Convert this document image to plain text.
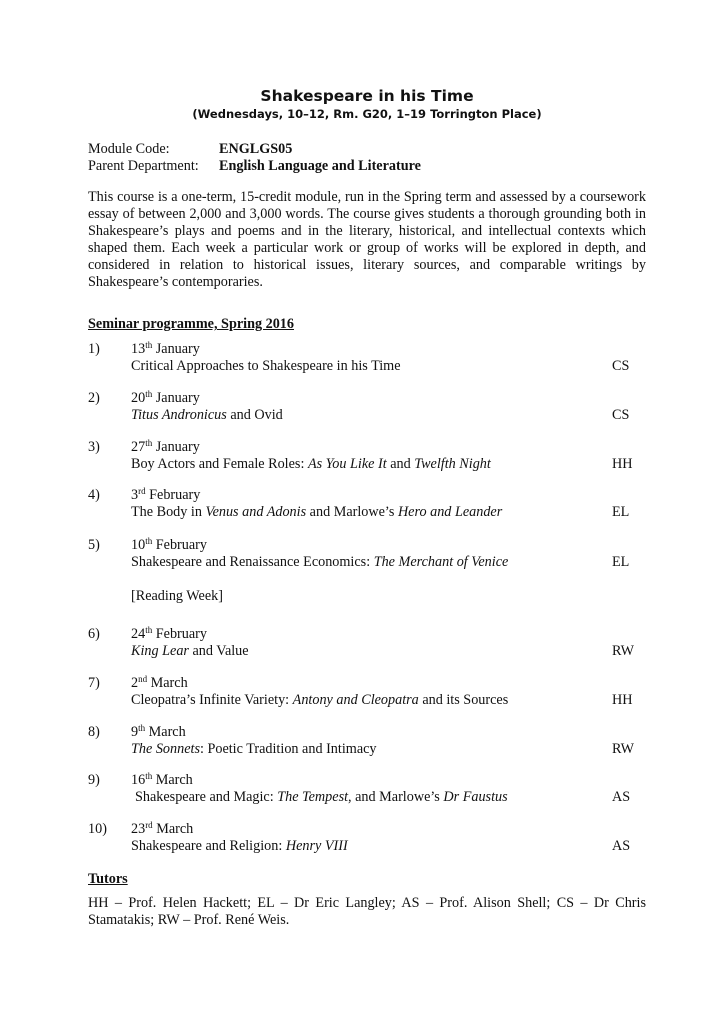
Shakespeare in his Time
(Wednesdays, 10–12, Rm. G20, 1–19 Torrington Place)
Module Code:	ENGLGS05
Parent Department: English Language and Literature
This course is a one-term, 15-credit module, run in the Spring term and assessed by a coursework essay of between 2,000 and 3,000 words. The course gives students a thorough grounding both in Shakespeare’s plays and poems and in the literary, historical, and intellectual contexts which shaped them. Each week a particular work or group of works will be explored in depth, and considered in relation to historical issues, literary sources, and comparable writings by Shakespeare’s contemporaries.
Seminar programme, Spring 2016
1) 13th January
Critical Approaches to Shakespeare in his Time	CS
2) 20th January
Titus Andronicus and Ovid	CS
3) 27th January
Boy Actors and Female Roles: As You Like It and Twelfth Night	HH
4) 3rd February
The Body in Venus and Adonis and Marlowe’s Hero and Leander	EL
5) 10th February
Shakespeare and Renaissance Economics: The Merchant of Venice	EL
6) 24th February
King Lear and Value	RW
7) 2nd March
Cleopatra’s Infinite Variety: Antony and Cleopatra and its Sources	HH
8) 9th March
The Sonnets: Poetic Tradition and Intimacy	RW
9) 16th March
Shakespeare and Magic: The Tempest, and Marlowe’s Dr Faustus	AS
10) 23rd March
Shakespeare and Religion: Henry VIII	AS
[Reading Week]
Tutors
HH – Prof. Helen Hackett; EL – Dr Eric Langley; AS – Prof. Alison Shell; CS – Dr Chris Stamatakis; RW – Prof. René Weis.
